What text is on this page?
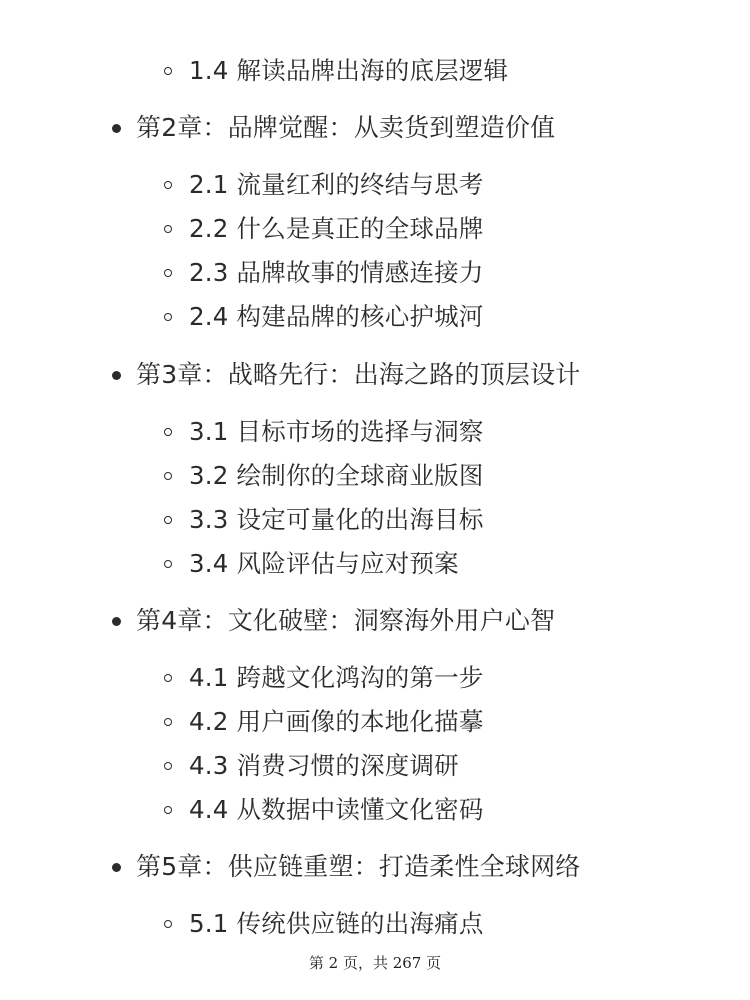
1.4 解读品牌出海的底层逻辑
第2章：品牌觉醒：从卖货到塑造价值
2.1 流量红利的终结与思考
2.2 什么是真正的全球品牌
2.3 品牌故事的情感连接力
2.4 构建品牌的核心护城河
第3章：战略先行：出海之路的顶层设计
3.1 目标市场的选择与洞察
3.2 绘制你的全球商业版图
3.3 设定可量化的出海目标
3.4 风险评估与应对预案
第4章：文化破壁：洞察海外用户心智
4.1 跨越文化鸿沟的第一步
4.2 用户画像的本地化描摹
4.3 消费习惯的深度调研
4.4 从数据中读懂文化密码
第5章：供应链重塑：打造柔性全球网络
5.1 传统供应链的出海痛点
第 2 页，共 267 页
